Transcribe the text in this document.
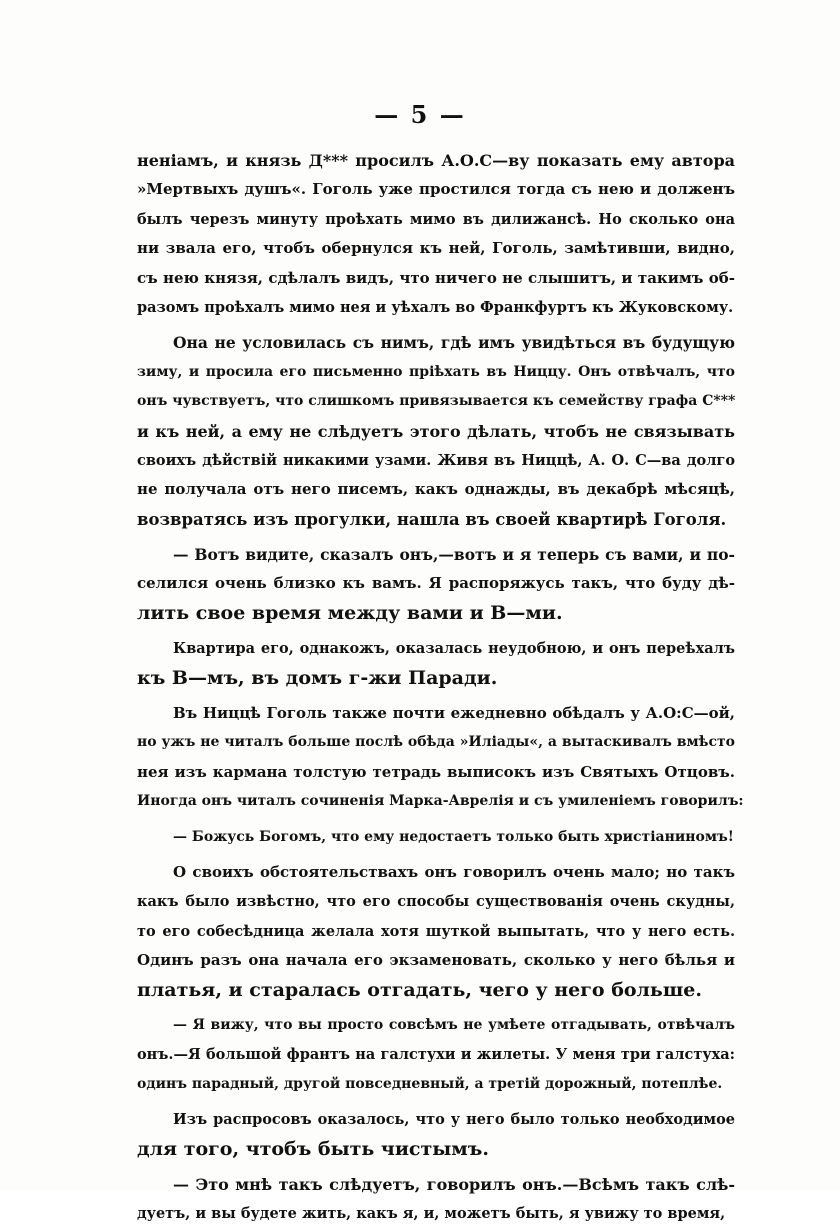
— 5 —
ненiамъ, и князь Д*** просилъ А.О.С—ву показать ему автора
»Мертвыхъ душъ«. Гоголь уже простился тогда съ нею и долженъ
былъ черезъ минуту проѣхать мимо въ дилижансѣ. Но сколько она
ни звала его, чтобъ обернулся къ ней, Гоголь, замѣтивши, видно,
съ нею князя, сдѣлалъ видъ, что ничего не слышитъ, и такимъ об-
разомъ проѣхалъ мимо нея и уѣхалъ во Франкфуртъ къ Жуковскому.
Она не условилась съ нимъ, гдѣ имъ увидѣться въ будущую
зиму, и просила его письменно прiѣхать въ Ниццу. Онъ отвѣчалъ, что
онъ чувствуетъ, что слишкомъ привязывается къ семейству графа С***
и къ ней, а ему не слѣдуетъ этого дѣлать, чтобъ не связывать
своихъ дѣйствiй никакими узами. Живя въ Ниццѣ, А. О. С—ва долго
не получала отъ него писемъ, какъ однажды, въ декабрѣ мѣсяцѣ,
возвратясь изъ прогулки, нашла въ своей квартирѣ Гоголя.
— Вотъ видите, сказалъ онъ,—вотъ и я теперь съ вами, и по-
селился очень близко къ вамъ. Я распоряжусь такъ, что буду дѣ-
лить свое время между вами и В—ми.
Квартира его, однакожъ, оказалась неудобною, и онъ переѣхалъ
къ В—мъ, въ домъ г-жи Паради.
Въ Ниццѣ Гоголь также почти ежедневно обѣдалъ у А.О:С—ой,
но ужъ не читалъ больше послѣ обѣда »Илiады«, а вытаскивалъ вмѣсто
нея изъ кармана толстую тетрадь выписокъ изъ Святыхъ Отцовъ.
Иногда онъ читалъ сочиненiя Марка-Аврелiя и съ умиленiемъ говорилъ:
— Божусь Богомъ, что ему недостаетъ только быть христiаниномъ!
О своихъ обстоятельствахъ онъ говорилъ очень мало; но такъ
какъ было извѣстно, что его способы существованiя очень скудны,
то его собесѣдница желала хотя шуткой выпытать, что у него есть.
Одинъ разъ она начала его экзаменовать, сколько у него бѣлья и
платья, и старалась отгадать, чего у него больше.
— Я вижу, что вы просто совсѣмъ не умѣете отгадывать, отвѣчалъ
онъ.—Я большой франтъ на галстухи и жилеты. У меня три галстуха:
одинъ парадный, другой повседневный, а третiй дорожный, потеплѣе.
Изъ распросовъ оказалось, что у него было только необходимое
для того, чтобъ быть чистымъ.
— Это мнѣ такъ слѣдуетъ, говорилъ онъ.—Всѣмъ такъ слѣ-
дуетъ, и вы будете жить, какъ я, и, можетъ быть, я увижу то время,
